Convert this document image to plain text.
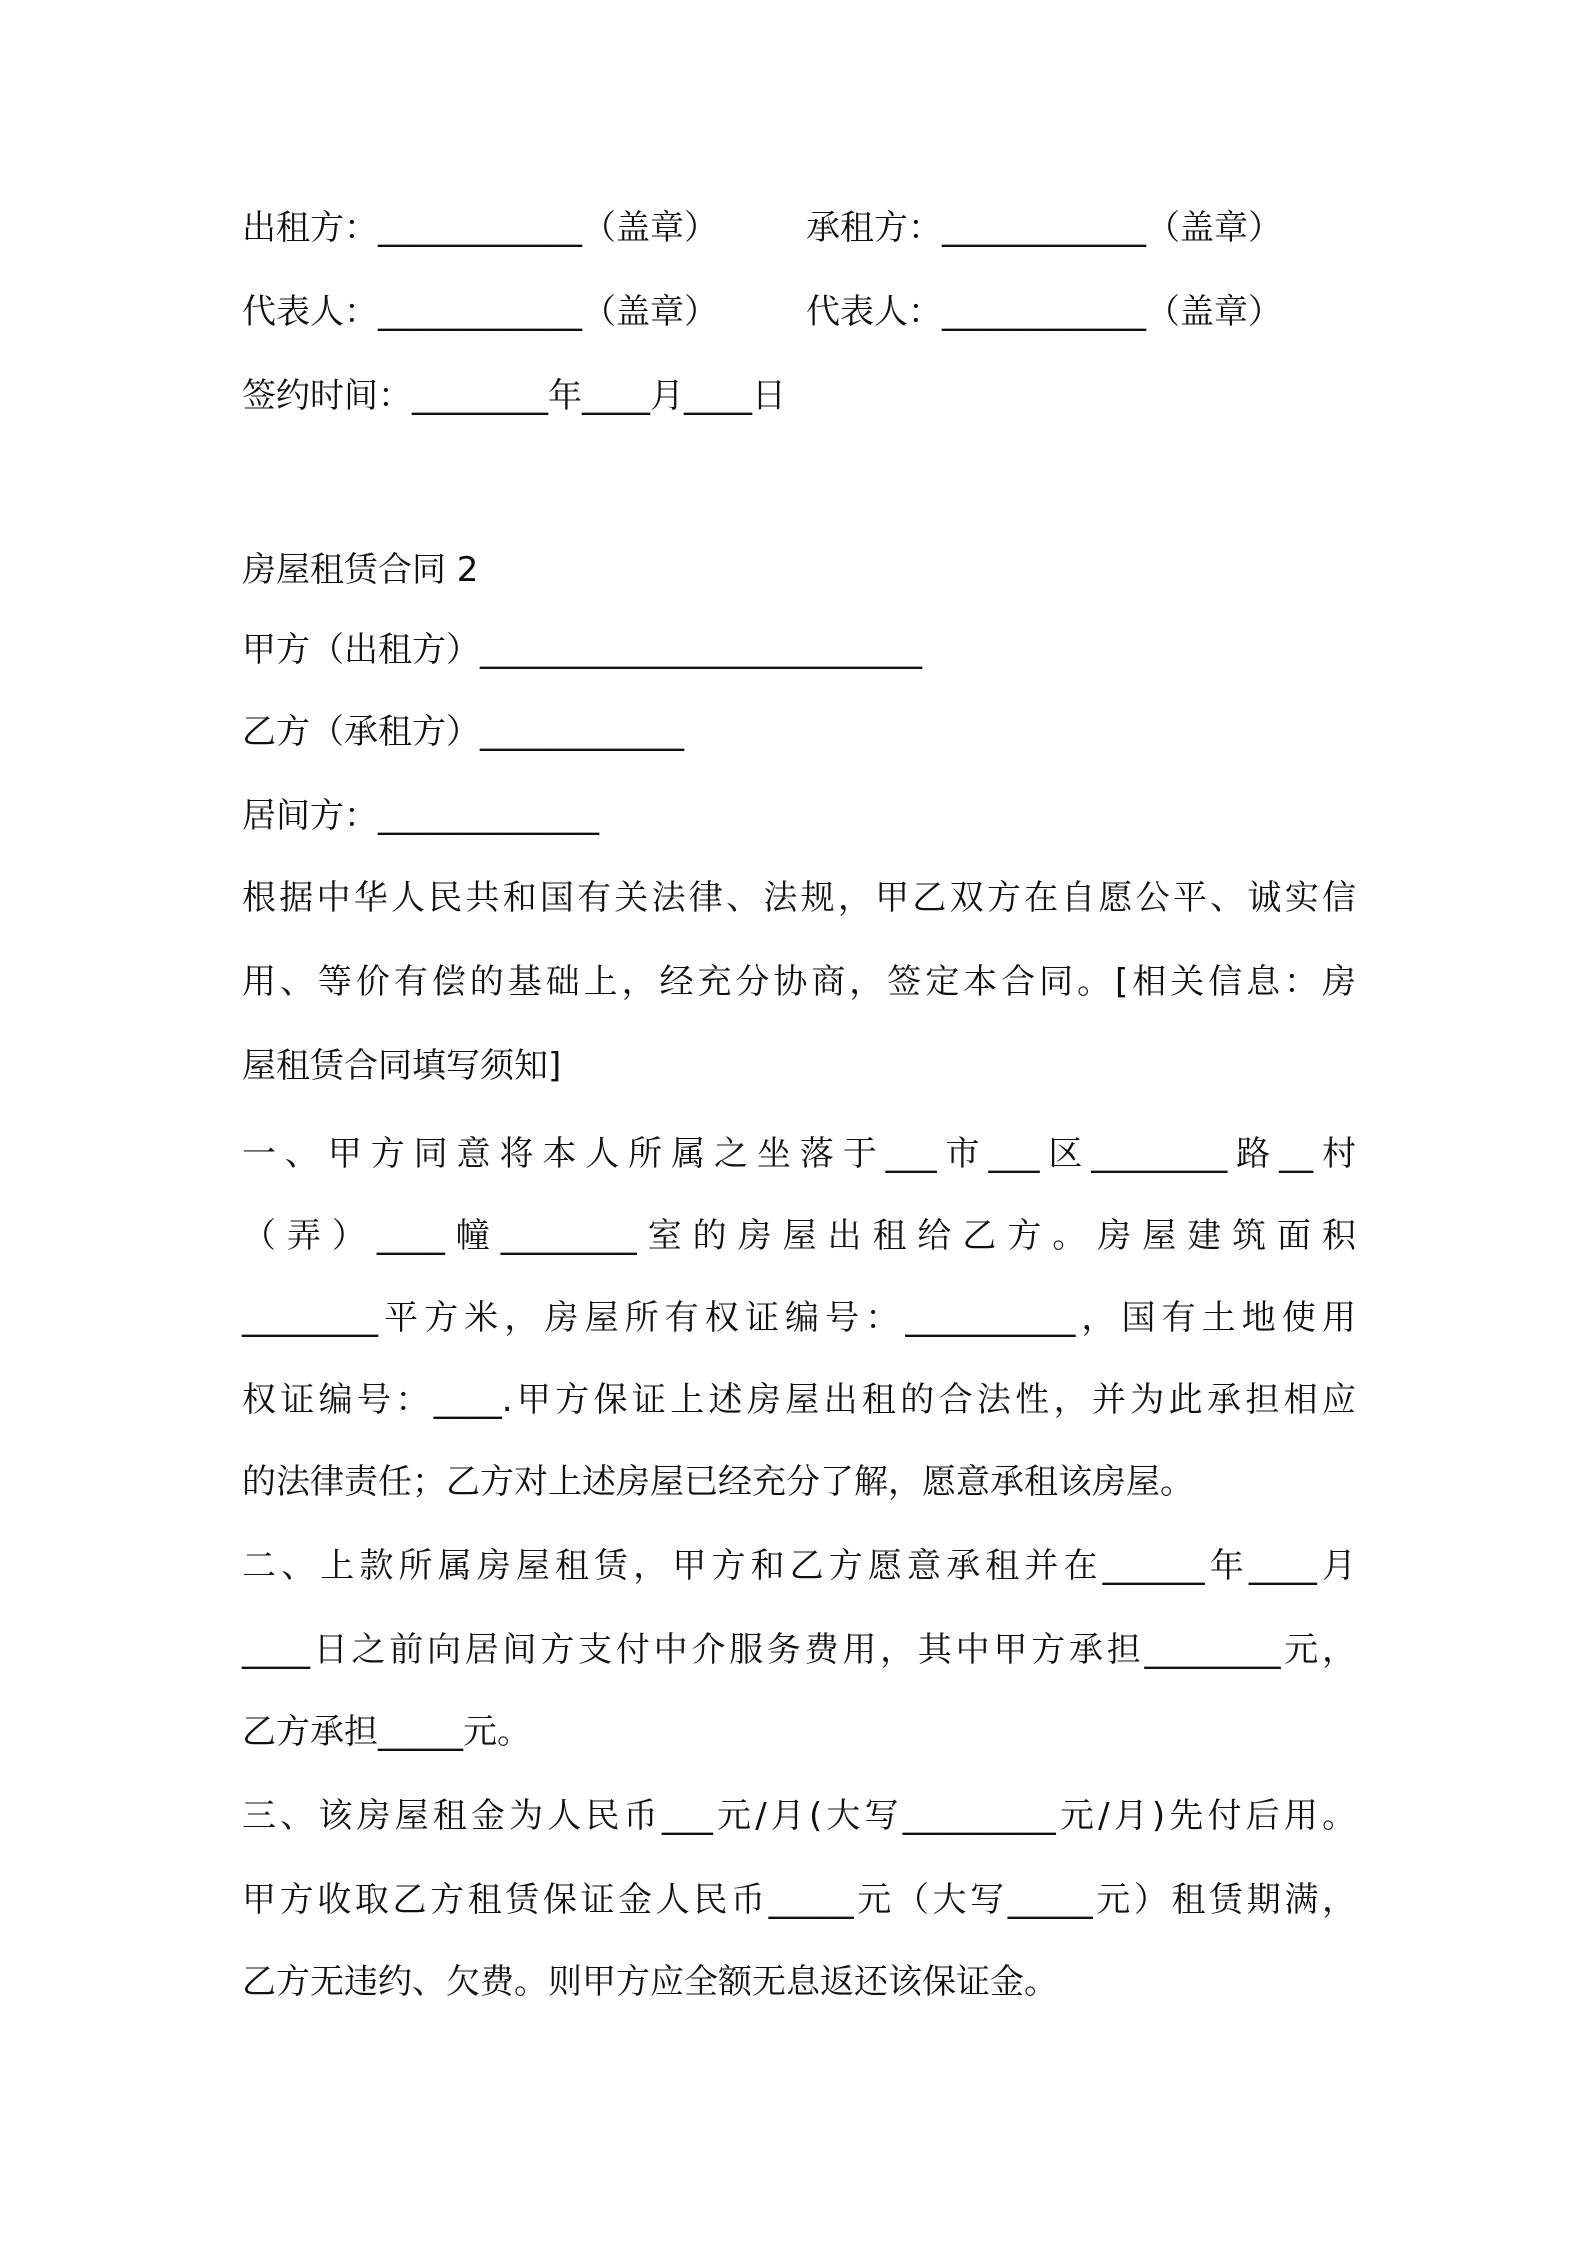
出租方：____________（盖章）

	承租方：____________（盖章）

代表人：____________（盖章）

	代表人：____________（盖章）

签约时间：________年____月____日
房屋租赁合同 2
甲方（出租方）__________________________
乙方（承租方）____________
居间方：_____________
根据中华人民共和国有关法律、法规，甲乙双方在自愿公平、诚实信
用、等价有偿的基础上，经充分协商，签定本合同。[相关信息：房
屋租赁合同填写须知]
一、甲方同意将本人所属之坐落于___市___区________路__村
（弄）____幢________室的房屋出租给乙方。房屋建筑面积
________平方米，房屋所有权证编号：__________，国有土地使用
权证编号：____.甲方保证上述房屋出租的合法性，并为此承担相应
的法律责任；乙方对上述房屋已经充分了解，愿意承租该房屋。
二、上款所属房屋租赁，甲方和乙方愿意承租并在______年____月
____日之前向居间方支付中介服务费用，其中甲方承担________元，
乙方承担_____元。
三、该房屋租金为人民币___元/月(大写_________元/月)先付后用。
甲方收取乙方租赁保证金人民币_____元（大写_____元）租赁期满，
乙方无违约、欠费。则甲方应全额无息返还该保证金。
